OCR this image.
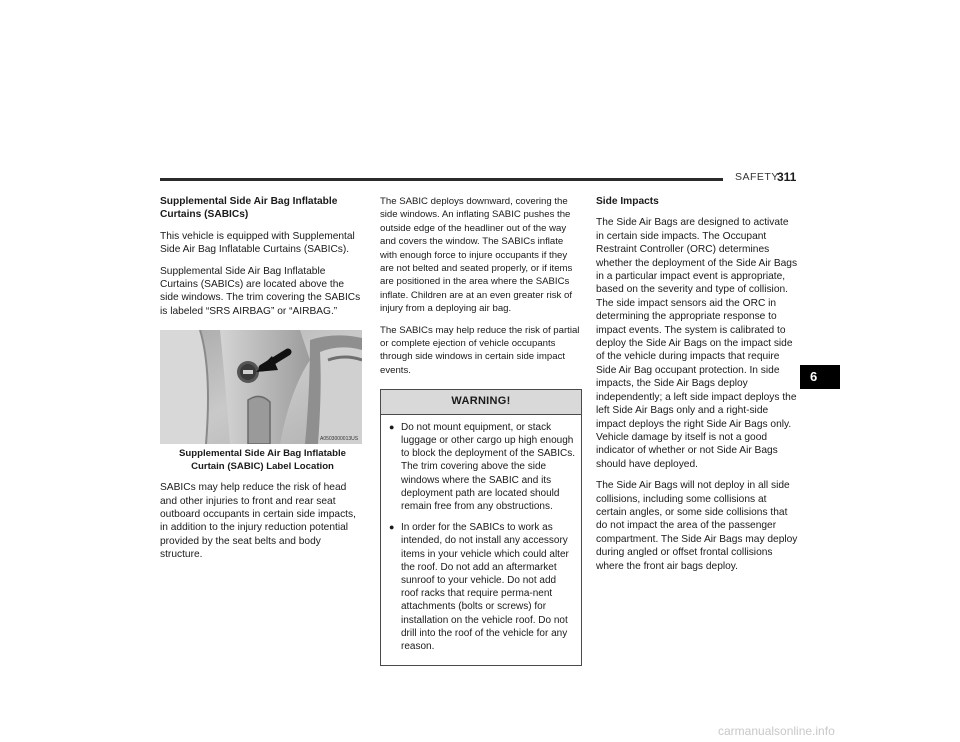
SAFETY
311

Supplemental Side Air Bag Inflatable Curtains (SABICs)

This vehicle is equipped with Supplemental Side Air Bag Inflatable Curtains (SABICs).

Supplemental Side Air Bag Inflatable Curtains (SABICs) are located above the side windows. The trim covering the SABICs is labeled “SRS AIRBAG” or “AIRBAG.”

A0503000013US

Supplemental Side Air Bag Inflatable Curtain (SABIC) Label Location

SABICs may help reduce the risk of head and other injuries to front and rear seat outboard occupants in certain side impacts, in addition to the injury reduction potential provided by the seat belts and body structure.

The SABIC deploys downward, covering the side windows. An inflating SABIC pushes the outside edge of the headliner out of the way and covers the window. The SABICs inflate with enough force to injure occupants if they are not belted and seated properly, or if items are positioned in the area where the SABICs inflate. Children are at an even greater risk of injury from a deploying air bag.

The SABICs may help reduce the risk of partial or complete ejection of vehicle occupants through side windows in certain side impact events.

WARNING!
● Do not mount equipment, or stack luggage or other cargo up high enough to block the deployment of the SABICs. The trim covering above the side windows where the SABIC and its deployment path are located should remain free from any obstructions.
● In order for the SABICs to work as intended, do not install any accessory items in your vehicle which could alter the roof. Do not add an aftermarket sunroof to your vehicle. Do not add roof racks that require perma-nent attachments (bolts or screws) for installation on the vehicle roof. Do not drill into the roof of the vehicle for any reason.

Side Impacts

The Side Air Bags are designed to activate in certain side impacts. The Occupant Restraint Controller (ORC) determines whether the deployment of the Side Air Bags in a particular impact event is appropriate, based on the severity and type of collision. The side impact sensors aid the ORC in determining the appropriate response to impact events. The system is calibrated to deploy the Side Air Bags on the impact side of the vehicle during impacts that require Side Air Bag occupant protection. In side impacts, the Side Air Bags deploy independently; a left side impact deploys the left Side Air Bags only and a right-side impact deploys the right Side Air Bags only. Vehicle damage by itself is not a good indicator of whether or not Side Air Bags should have deployed.

The Side Air Bags will not deploy in all side collisions, including some collisions at certain angles, or some side collisions that do not impact the area of the passenger compartment. The Side Air Bags may deploy during angled or offset frontal collisions where the front air bags deploy.

6
carmanualsonline.info
